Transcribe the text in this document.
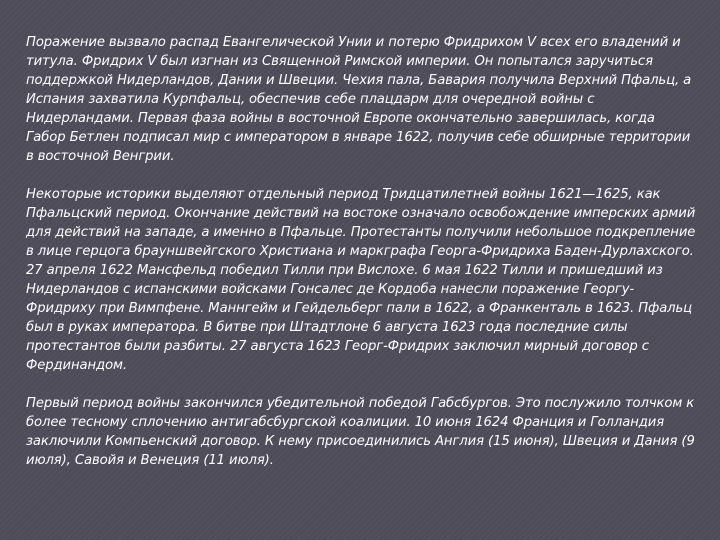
Поражение вызвало распад Евангелической Унии и потерю Фридрихом V всех его владений и титула. Фридрих V был изгнан из Священной Римской империи. Он попытался заручиться поддержкой Нидерландов, Дании и Швеции. Чехия пала, Бавария получила Верхний Пфальц, а Испания захватила Курпфальц, обеспечив себе плацдарм для очередной войны с Нидерландами. Первая фаза войны в восточной Европе окончательно завершилась, когда Габор Бетлен подписал мир с императором в январе 1622, получив себе обширные территории в восточной Венгрии.

Некоторые историки выделяют отдельный период Тридцатилетней войны 1621—1625, как Пфальцский период. Окончание действий на востоке означало освобождение имперских армий для действий на западе, а именно в Пфальце. Протестанты получили небольшое подкрепление в лице герцога брауншвейгского Христиана и маркграфа Георга-Фридриха Баден-Дурлахского. 27 апреля 1622 Мансфельд победил Тилли при Вислохе. 6 мая 1622 Тилли и пришедший из Нидерландов с испанскими войсками Гонсалес де Кордоба нанесли поражение Георгу-Фридриху при Вимпфене. Маннгейм и Гейдельберг пали в 1622, а Франкенталь в 1623. Пфальц был в руках императора. В битве при Штадтлоне 6 августа 1623 года последние силы протестантов были разбиты. 27 августа 1623 Георг-Фридрих заключил мирный договор с Фердинандом.

Первый период войны закончился убедительной победой Габсбургов. Это послужило толчком к более тесному сплочению антигабсбургской коалиции. 10 июня 1624 Франция и Голландия заключили Компьенский договор. К нему присоединились Англия (15 июня), Швеция и Дания (9 июля), Савойя и Венеция (11 июля).
